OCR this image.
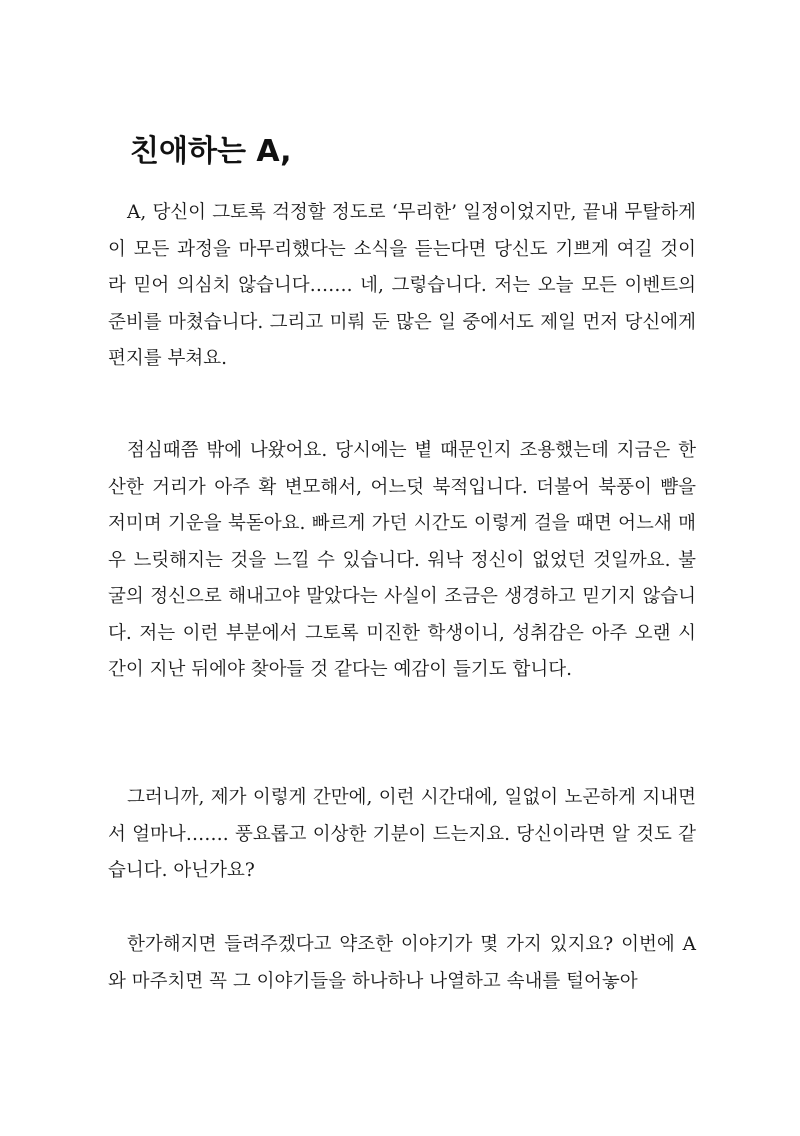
친애하는 A,

A, 당신이 그토록 걱정할 정도로 ‘무리한’ 일정이었지만, 끝내 무탈하게 이 모든 과정을 마무리했다는 소식을 듣는다면 당신도 기쁘게 여길 것이라 믿어 의심치 않습니다……. 네, 그렇습니다. 저는 오늘 모든 이벤트의 준비를 마쳤습니다. 그리고 미뤄 둔 많은 일 중에서도 제일 먼저 당신에게 편지를 부쳐요.

점심때쯤 밖에 나왔어요. 당시에는 볕 때문인지 조용했는데 지금은 한산한 거리가 아주 확 변모해서, 어느덧 북적입니다. 더불어 북풍이 뺨을 저미며 기운을 북돋아요. 빠르게 가던 시간도 이렇게 걸을 때면 어느새 매우 느릿해지는 것을 느낄 수 있습니다. 워낙 정신이 없었던 것일까요. 불굴의 정신으로 해내고야 말았다는 사실이 조금은 생경하고 믿기지 않습니다. 저는 이런 부분에서 그토록 미진한 학생이니, 성취감은 아주 오랜 시간이 지난 뒤에야 찾아들 것 같다는 예감이 들기도 합니다.

그러니까, 제가 이렇게 간만에, 이런 시간대에, 일없이 노곤하게 지내면서 얼마나……. 풍요롭고 이상한 기분이 드는지요. 당신이라면 알 것도 같습니다. 아닌가요?

한가해지면 들려주겠다고 약조한 이야기가 몇 가지 있지요? 이번에 A와 마주치면 꼭 그 이야기들을 하나하나 나열하고 속내를 털어놓아
